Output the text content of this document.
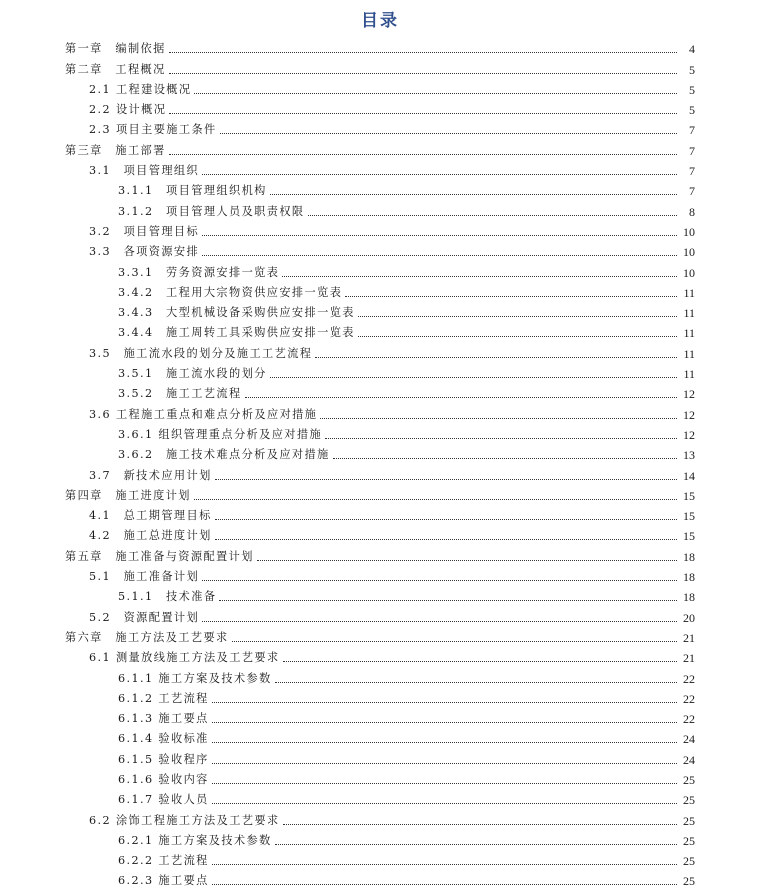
目录
第一章　编制依据	4
第二章　工程概况	5
2.1 工程建设概况	5
2.2 设计概况	5
2.3 项目主要施工条件	7
第三章　施工部署	7
3.1　项目管理组织	7
3.1.1　项目管理组织机构	7
3.1.2　项目管理人员及职责权限	8
3.2　项目管理目标	10
3.3　各项资源安排	10
3.3.1　劳务资源安排一览表	10
3.4.2　工程用大宗物资供应安排一览表	11
3.4.3　大型机械设备采购供应安排一览表	11
3.4.4　施工周转工具采购供应安排一览表	11
3.5　施工流水段的划分及施工工艺流程	11
3.5.1　施工流水段的划分	11
3.5.2　施工工艺流程	12
3.6 工程施工重点和难点分析及应对措施	12
3.6.1 组织管理重点分析及应对措施	12
3.6.2　施工技术难点分析及应对措施	13
3.7　新技术应用计划	14
第四章　施工进度计划	15
4.1　总工期管理目标	15
4.2　施工总进度计划	15
第五章　施工准备与资源配置计划	18
5.1　施工准备计划	18
5.1.1　技术准备	18
5.2　资源配置计划	20
第六章　施工方法及工艺要求	21
6.1 测量放线施工方法及工艺要求	21
6.1.1 施工方案及技术参数	22
6.1.2 工艺流程	22
6.1.3 施工要点	22
6.1.4 验收标准	24
6.1.5 验收程序	24
6.1.6 验收内容	25
6.1.7 验收人员	25
6.2 涂饰工程施工方法及工艺要求	25
6.2.1 施工方案及技术参数	25
6.2.2 工艺流程	25
6.2.3 施工要点	25
